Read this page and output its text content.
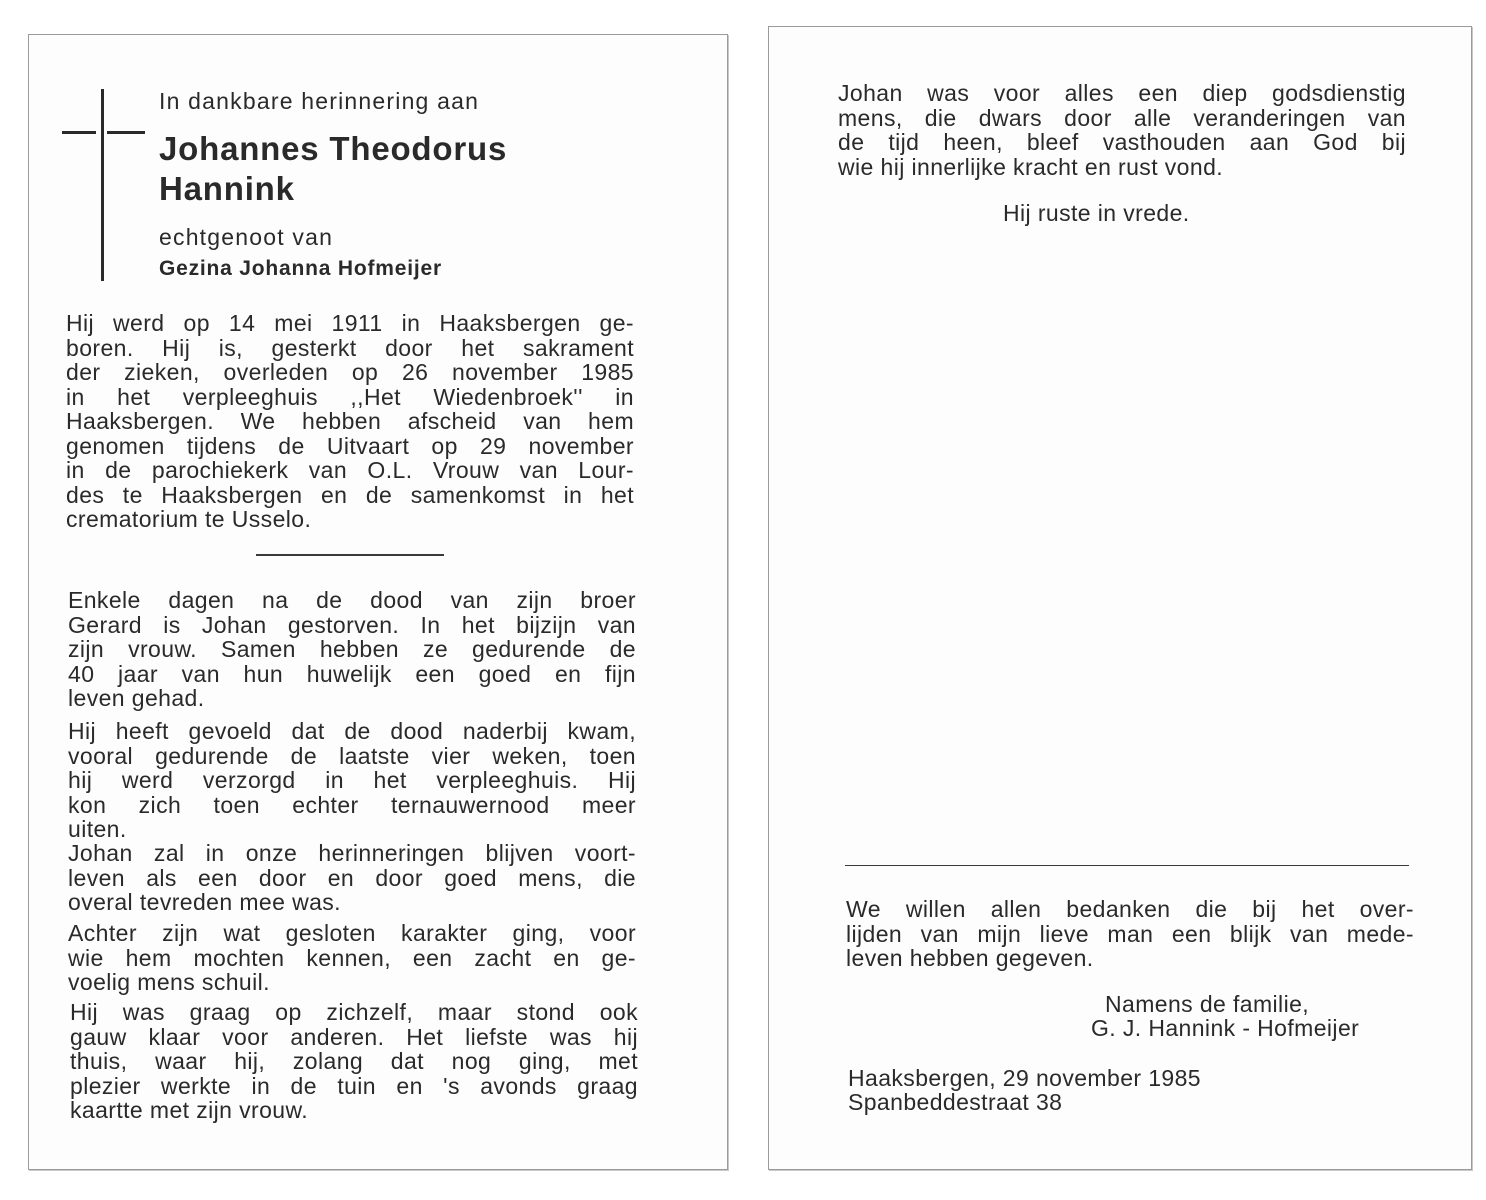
In dankbare herinnering aan

Johannes Theodorus

Hannink

echtgenoot van

Gezina Johanna Hofmeijer

Hij werd op 14 mei 1911 in Haaksbergen ge-
boren. Hij is, gesterkt door het sakrament
der zieken, overleden op 26 november 1985
in het verpleeghuis ,,Het Wiedenbroek'' in
Haaksbergen. We hebben afscheid van hem
genomen tijdens de Uitvaart op 29 november
in de parochiekerk van O.L. Vrouw van Lour-
des te Haaksbergen en de samenkomst in het
crematorium te Usselo.
Enkele dagen na de dood van zijn broer
Gerard is Johan gestorven. In het bijzijn van
zijn vrouw. Samen hebben ze gedurende de
40 jaar van hun huwelijk een goed en fijn
leven gehad.
Hij heeft gevoeld dat de dood naderbij kwam,
vooral gedurende de laatste vier weken, toen
hij werd verzorgd in het verpleeghuis. Hij
kon zich toen echter ternauwernood meer
uiten.
Johan zal in onze herinneringen blijven voort-
leven als een door en door goed mens, die
overal tevreden mee was.
Achter zijn wat gesloten karakter ging, voor
wie hem mochten kennen, een zacht en ge-
voelig mens schuil.
Hij was graag op zichzelf, maar stond ook
gauw klaar voor anderen. Het liefste was hij
thuis, waar hij, zolang dat nog ging, met
plezier werkte in de tuin en 's avonds graag
kaartte met zijn vrouw.
Johan was voor alles een diep godsdienstig
mens, die dwars door alle veranderingen van
de tijd heen, bleef vasthouden aan God bij
wie hij innerlijke kracht en rust vond.

Hij ruste in vrede.

We willen allen bedanken die bij het over-
lijden van mijn lieve man een blijk van mede-
leven hebben gegeven.

Namens de familie,

G. J. Hannink - Hofmeijer

Haaksbergen, 29 november 1985

Spanbeddestraat 38
